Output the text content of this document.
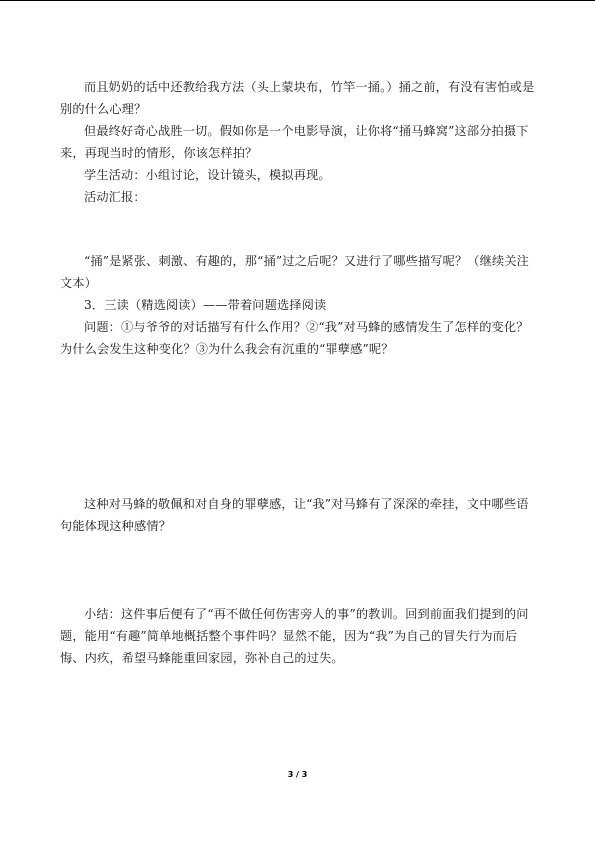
而且奶奶的话中还教给我方法（头上蒙块布，竹竿一捅。）捅之前，有没有害怕或是别的什么心理？

但最终好奇心战胜一切。假如你是一个电影导演，让你将“捅马蜂窝”这部分拍摄下来，再现当时的情形，你该怎样拍？

学生活动：小组讨论，设计镜头，模拟再现。

活动汇报：

“捅”是紧张、刺激、有趣的，那“捅”过之后呢？又进行了哪些描写呢？（继续关注文本）

3．三读（精选阅读）——带着问题选择阅读

问题：①与爷爷的对话描写有什么作用？②“我”对马蜂的感情发生了怎样的变化？为什么会发生这种变化？③为什么我会有沉重的“罪孽感”呢？

这种对马蜂的敬佩和对自身的罪孽感，让“我”对马蜂有了深深的牵挂，文中哪些语句能体现这种感情？

小结：这件事后便有了“再不做任何伤害旁人的事”的教训。回到前面我们提到的问题，能用“有趣”简单地概括整个事件吗？显然不能，因为“我”为自己的冒失行为而后悔、内疚，希望马蜂能重回家园，弥补自己的过失。

3 / 3
